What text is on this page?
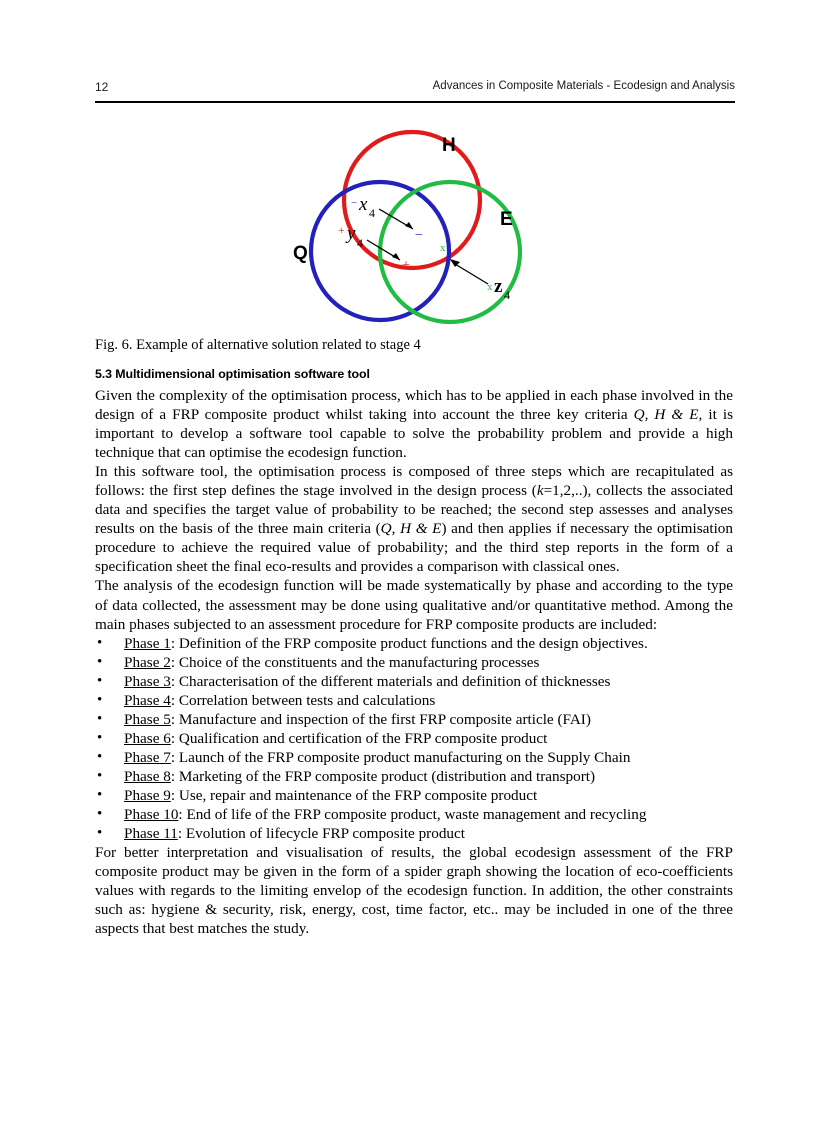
12	Advances in Composite Materials - Ecodesign and Analysis
H
E
Q
− x 4
−
+ y 4
+
x
x z 4
Fig. 6. Example of alternative solution related to stage 4
5.3 Multidimensional optimisation software tool

Given the complexity of the optimisation process, which has to be applied in each phase involved in the design of a FRP composite product whilst taking into account the three key criteria Q, H & E, it is important to develop a software tool capable to solve the probability problem and provide a high technique that can optimise the ecodesign function.

In this software tool, the optimisation process is composed of three steps which are recapitulated as follows: the first step defines the stage involved in the design process (k=1,2,..), collects the associated data and specifies the target value of probability to be reached; the second step assesses and analyses results on the basis of the three main criteria (Q, H & E) and then applies if necessary the optimisation procedure to achieve the required value of probability; and the third step reports in the form of a specification sheet the final eco-results and provides a comparison with classical ones.

The analysis of the ecodesign function will be made systematically by phase and according to the type of data collected, the assessment may be done using qualitative and/or quantitative method. Among the main phases subjected to an assessment procedure for FRP composite products are included:

• Phase 1: Definition of the FRP composite product functions and the design objectives.
• Phase 2: Choice of the constituents and the manufacturing processes
• Phase 3: Characterisation of the different materials and definition of thicknesses
• Phase 4: Correlation between tests and calculations
• Phase 5: Manufacture and inspection of the first FRP composite article (FAI)
• Phase 6: Qualification and certification of the FRP composite product
• Phase 7: Launch of the FRP composite product manufacturing on the Supply Chain
• Phase 8: Marketing of the FRP composite product (distribution and transport)
• Phase 9: Use, repair and maintenance of the FRP composite product
• Phase 10: End of life of the FRP composite product, waste management and recycling
• Phase 11: Evolution of lifecycle FRP composite product

For better interpretation and visualisation of results, the global ecodesign assessment of the FRP composite product may be given in the form of a spider graph showing the location of eco-coefficients values with regards to the limiting envelop of the ecodesign function. In addition, the other constraints such as: hygiene & security, risk, energy, cost, time factor, etc.. may be included in one of the three aspects that best matches the study.
